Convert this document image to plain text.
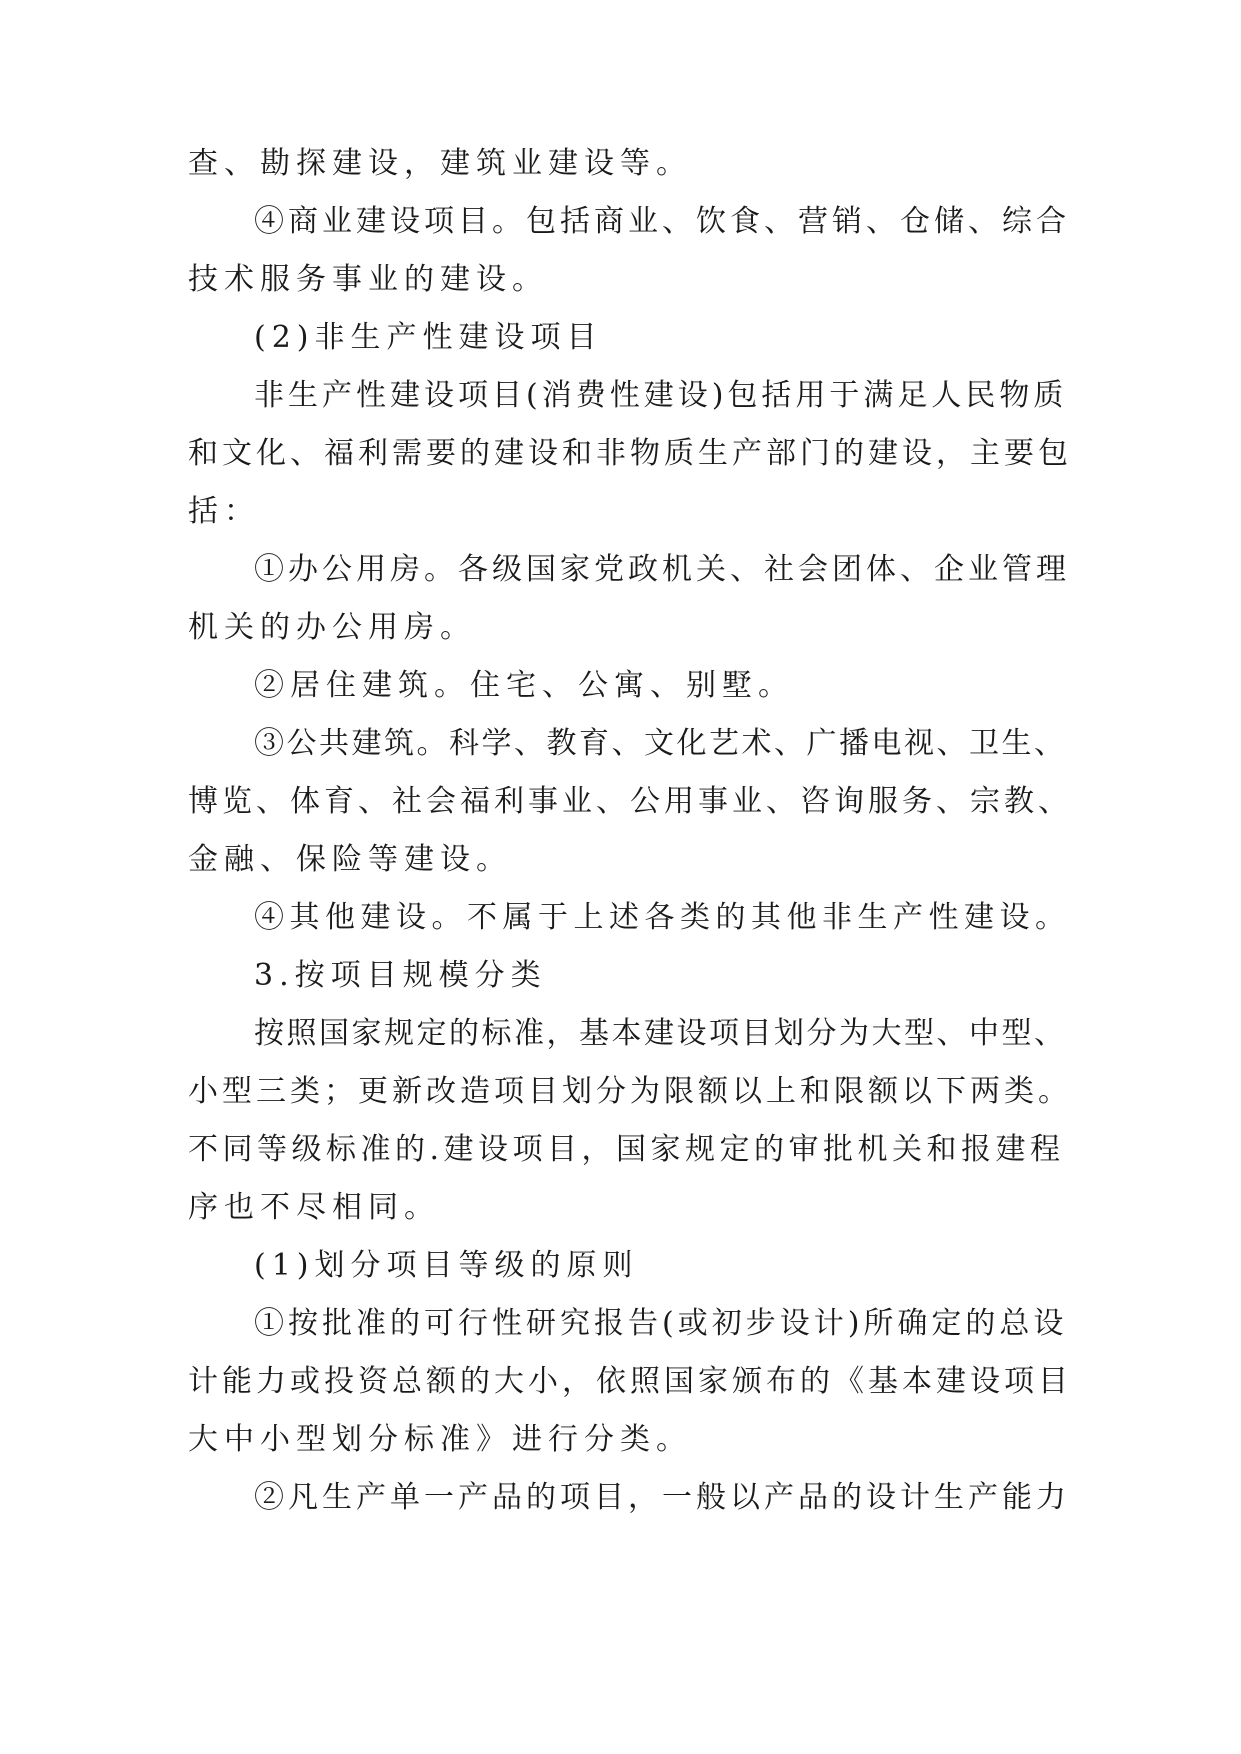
查、勘探建设，建筑业建设等。
④商业建设项目。包括商业、饮食、营销、仓储、综合
技术服务事业的建设。
(2)非生产性建设项目
非生产性建设项目(消费性建设)包括用于满足人民物质
和文化、福利需要的建设和非物质生产部门的建设，主要包
括：
①办公用房。各级国家党政机关、社会团体、企业管理
机关的办公用房。
②居住建筑。住宅、公寓、别墅。
③公共建筑。科学、教育、文化艺术、广播电视、卫生、
博览、体育、社会福利事业、公用事业、咨询服务、宗教、
金融、保险等建设。
④其他建设。不属于上述各类的其他非生产性建设。
3.按项目规模分类
按照国家规定的标准，基本建设项目划分为大型、中型、
小型三类；更新改造项目划分为限额以上和限额以下两类。
不同等级标准的.建设项目，国家规定的审批机关和报建程
序也不尽相同。
(1)划分项目等级的原则
①按批准的可行性研究报告(或初步设计)所确定的总设
计能力或投资总额的大小，依照国家颁布的《基本建设项目
大中小型划分标准》进行分类。
②凡生产单一产品的项目，一般以产品的设计生产能力
